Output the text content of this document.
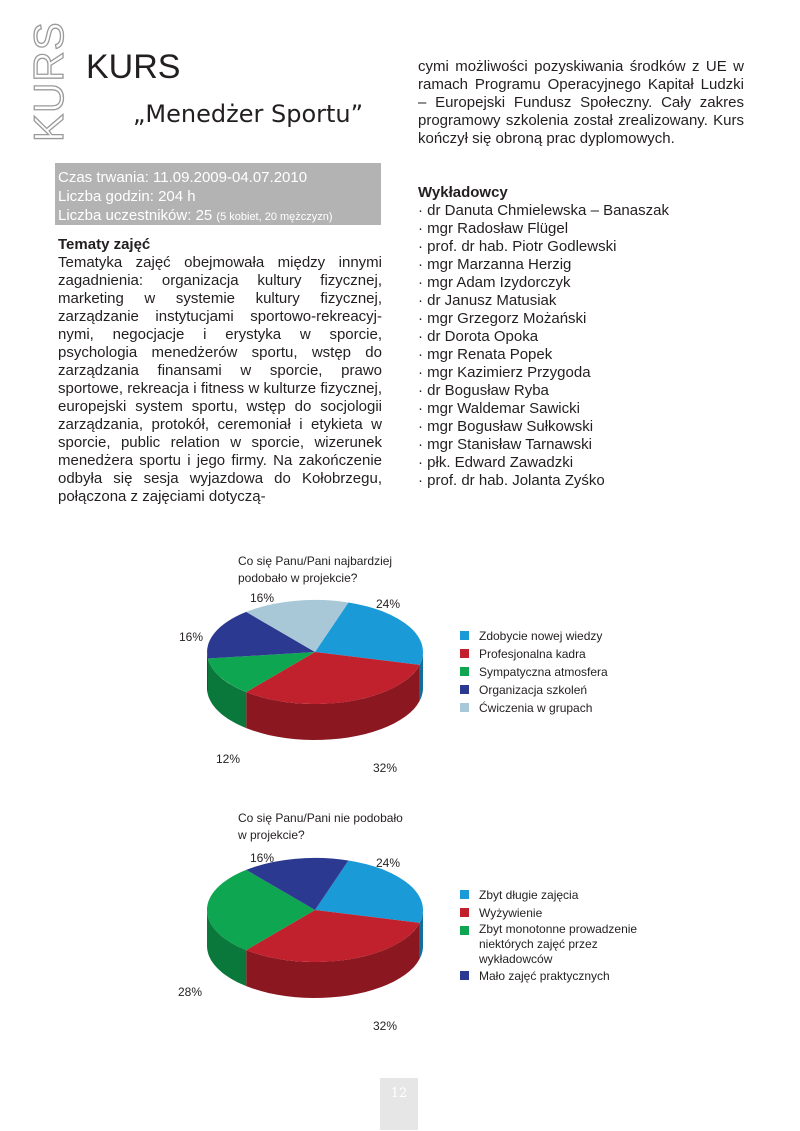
KURS KURS
„Menedżer Sportu”
Czas trwania: 11.09.2009-04.07.2010
Liczba godzin: 204 h
Liczba uczestników: 25 (5 kobiet, 20 mężczyzn)
Tematy zajęć
Tematyka zajęć obejmowała między innymi zagadnienia: organizacja kultury fizycznej, marketing w systemie kultury fizycznej, zarządzanie instytucjami sportowo-rekreacyj-nymi, negocjacje i erystyka w sporcie, psychologia menedżerów sportu, wstęp do zarządzania finansami w sporcie, prawo sportowe, rekreacja i fitness w kulturze fizycznej, europejski system sportu, wstęp do socjologii zarządzania, protokół, ceremoniał i etykieta w sporcie, public relation w sporcie, wizerunek menedżera sportu i jego firmy. Na zakończenie odbyła się sesja wyjazdowa do Kołobrzegu, połączona z zajęciami dotyczą-
cymi możliwości pozyskiwania środków z UE w ramach Programu Operacyjnego Kapitał Ludzki – Europejski Fundusz Społeczny. Cały zakres programowy szkolenia został zrealizowany. Kurs kończył się obroną prac dyplomowych.
Wykładowcy
· dr Danuta Chmielewska – Banaszak
· mgr Radosław Flügel
· prof. dr hab. Piotr Godlewski
· mgr Marzanna Herzig
· mgr Adam Izydorczyk
· dr Janusz Matusiak
· mgr Grzegorz Możański
· dr Dorota Opoka
· mgr Renata Popek
· mgr Kazimierz Przygoda
· dr Bogusław Ryba
· mgr Waldemar Sawicki
· mgr Bogusław Sułkowski
· mgr Stanisław Tarnawski
· płk. Edward Zawadzki
· prof. dr hab. Jolanta Zyśko
Co się Panu/Pani najbardziej podobało w projekcie?
24%
32%
12%
16%
16%
24%
32%
28%
16%
Zdobycie nowej wiedzy
Profesjonalna kadra
Sympatyczna atmosfera
Organizacja szkoleń
Ćwiczenia w grupach
Co się Panu/Pani nie podobało w projekcie?
Zbyt długie zajęcia
Wyżywienie
Zbyt monotonne prowadzenie niektórych zajęć przez wykładowców
Mało zajęć praktycznych
12
